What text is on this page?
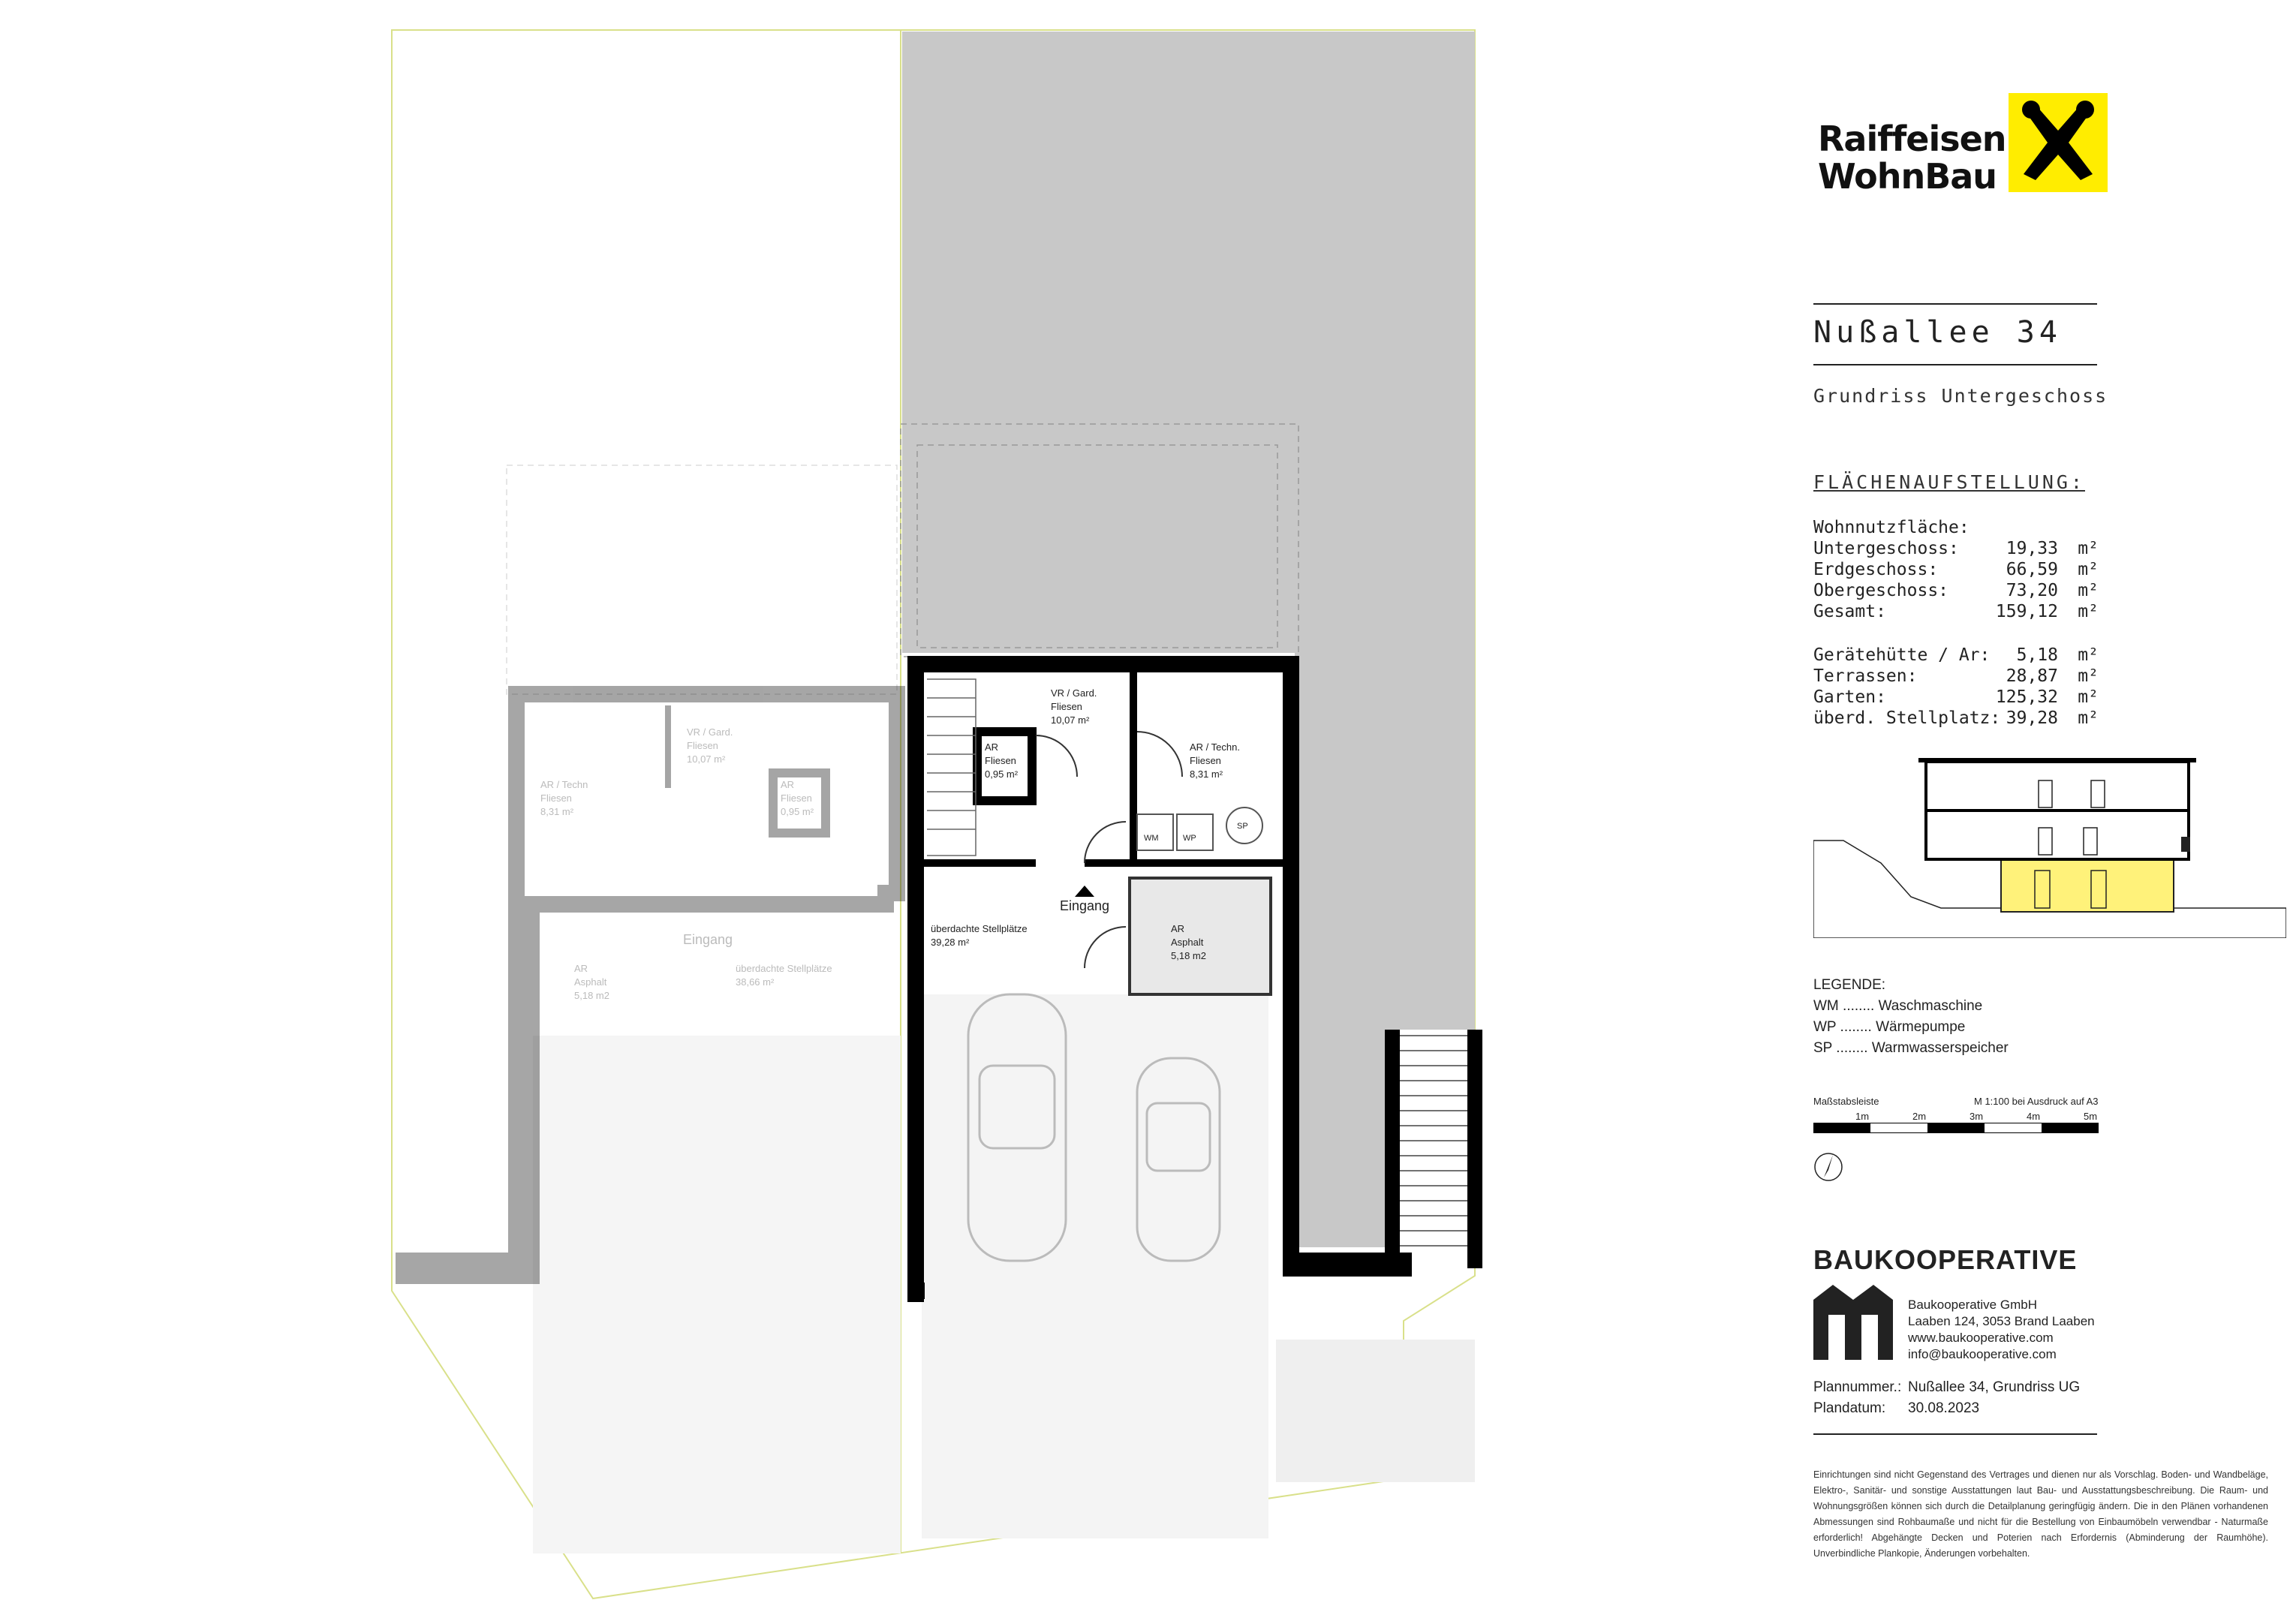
VR / Gard.
Fliesen
10,07 m²
AR
Fliesen
0,95 m²
AR / Techn.
Fliesen
8,31 m²
überdachte Stellplätze
39,28 m²
AR
Asphalt
5,18 m2
Eingang
WM	WP
SP
VR / Gard.
Fliesen
10,07 m²
AR / Techn
Fliesen
8,31 m²
AR
Fliesen
0,95 m²
AR
Asphalt
5,18 m2
überdachte Stellplätze
38,66 m²
Eingang
Raiffeisen
WohnBau
Nußallee 34
Grundriss Untergeschoss
FLÄCHENAUFSTELLUNG:
Wohnnutzfläche:
Untergeschoss:	19,33 m²
Erdgeschoss:	66,59 m²
Obergeschoss:	73,20 m²
Gesamt:	159,12 m²
Gerätehütte / Ar: 5,18 m²
Terrassen:	28,87 m²
Garten:	125,32 m²
überd. Stellplatz: 39,28 m²
LEGENDE:
WM ........ Waschmaschine
WP ........ Wärmepumpe
SP ........ Warmwasserspeicher
Maßstabsleiste	M 1:100 bei Ausdruck auf A3
1m	2m	3m	4m	5m
BAUKOOPERATIVE
Baukooperative GmbH
Laaben 124, 3053 Brand Laaben
www.baukooperative.com
info@baukooperative.com
Plannummer.: Nußallee 34, Grundriss UG
Plandatum: 30.08.2023
Einrichtungen sind nicht Gegenstand des Vertrages und dienen nur als Vorschlag. Boden- und Wandbeläge, Elektro-, Sanitär- und sonstige Ausstattungen laut Bau- und Ausstattungsbeschreibung. Die Raum- und Wohnungsgrößen können sich durch die Detailplanung geringfügig ändern. Die in den Plänen vorhandenen Abmessungen sind Rohbaumaße und nicht für die Bestellung von Einbaumöbeln verwendbar - Naturmaße erforderlich! Abgehängte Decken und Poterien nach Erfordernis (Abminderung der Raumhöhe). Unverbindliche Plankopie, Änderungen vorbehalten.
